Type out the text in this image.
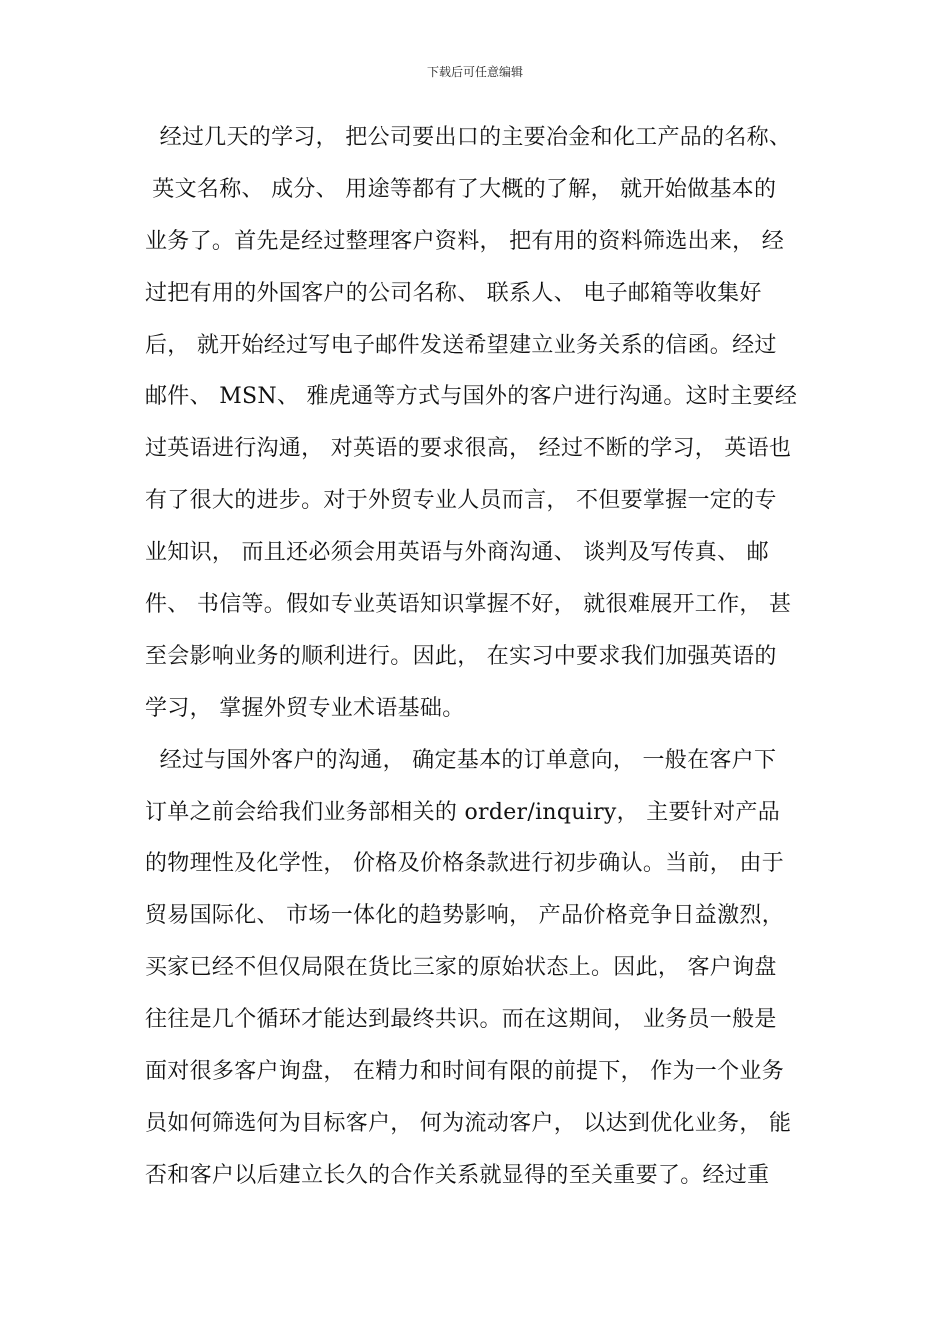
下载后可任意编辑
经过几天的学习， 把公司要出口的主要冶金和化工产品的名称、
英文名称、 成分、 用途等都有了大概的了解， 就开始做基本的
业务了。首先是经过整理客户资料， 把有用的资料筛选出来， 经
过把有用的外国客户的公司名称、 联系人、 电子邮箱等收集好
后， 就开始经过写电子邮件发送希望建立业务关系的信函。经过
邮件、 MSN、 雅虎通等方式与国外的客户进行沟通。这时主要经
过英语进行沟通， 对英语的要求很高， 经过不断的学习， 英语也
有了很大的进步。对于外贸专业人员而言， 不但要掌握一定的专
业知识， 而且还必须会用英语与外商沟通、 谈判及写传真、 邮
件、 书信等。假如专业英语知识掌握不好， 就很难展开工作， 甚
至会影响业务的顺利进行。因此， 在实习中要求我们加强英语的
学习， 掌握外贸专业术语基础。
经过与国外客户的沟通， 确定基本的订单意向， 一般在客户下
订单之前会给我们业务部相关的 order/inquiry， 主要针对产品
的物理性及化学性， 价格及价格条款进行初步确认。当前， 由于
贸易国际化、 市场一体化的趋势影响， 产品价格竞争日益激烈，
买家已经不但仅局限在货比三家的原始状态上。因此， 客户询盘
往往是几个循环才能达到最终共识。而在这期间， 业务员一般是
面对很多客户询盘， 在精力和时间有限的前提下， 作为一个业务
员如何筛选何为目标客户， 何为流动客户， 以达到优化业务， 能
否和客户以后建立长久的合作关系就显得的至关重要了。经过重
